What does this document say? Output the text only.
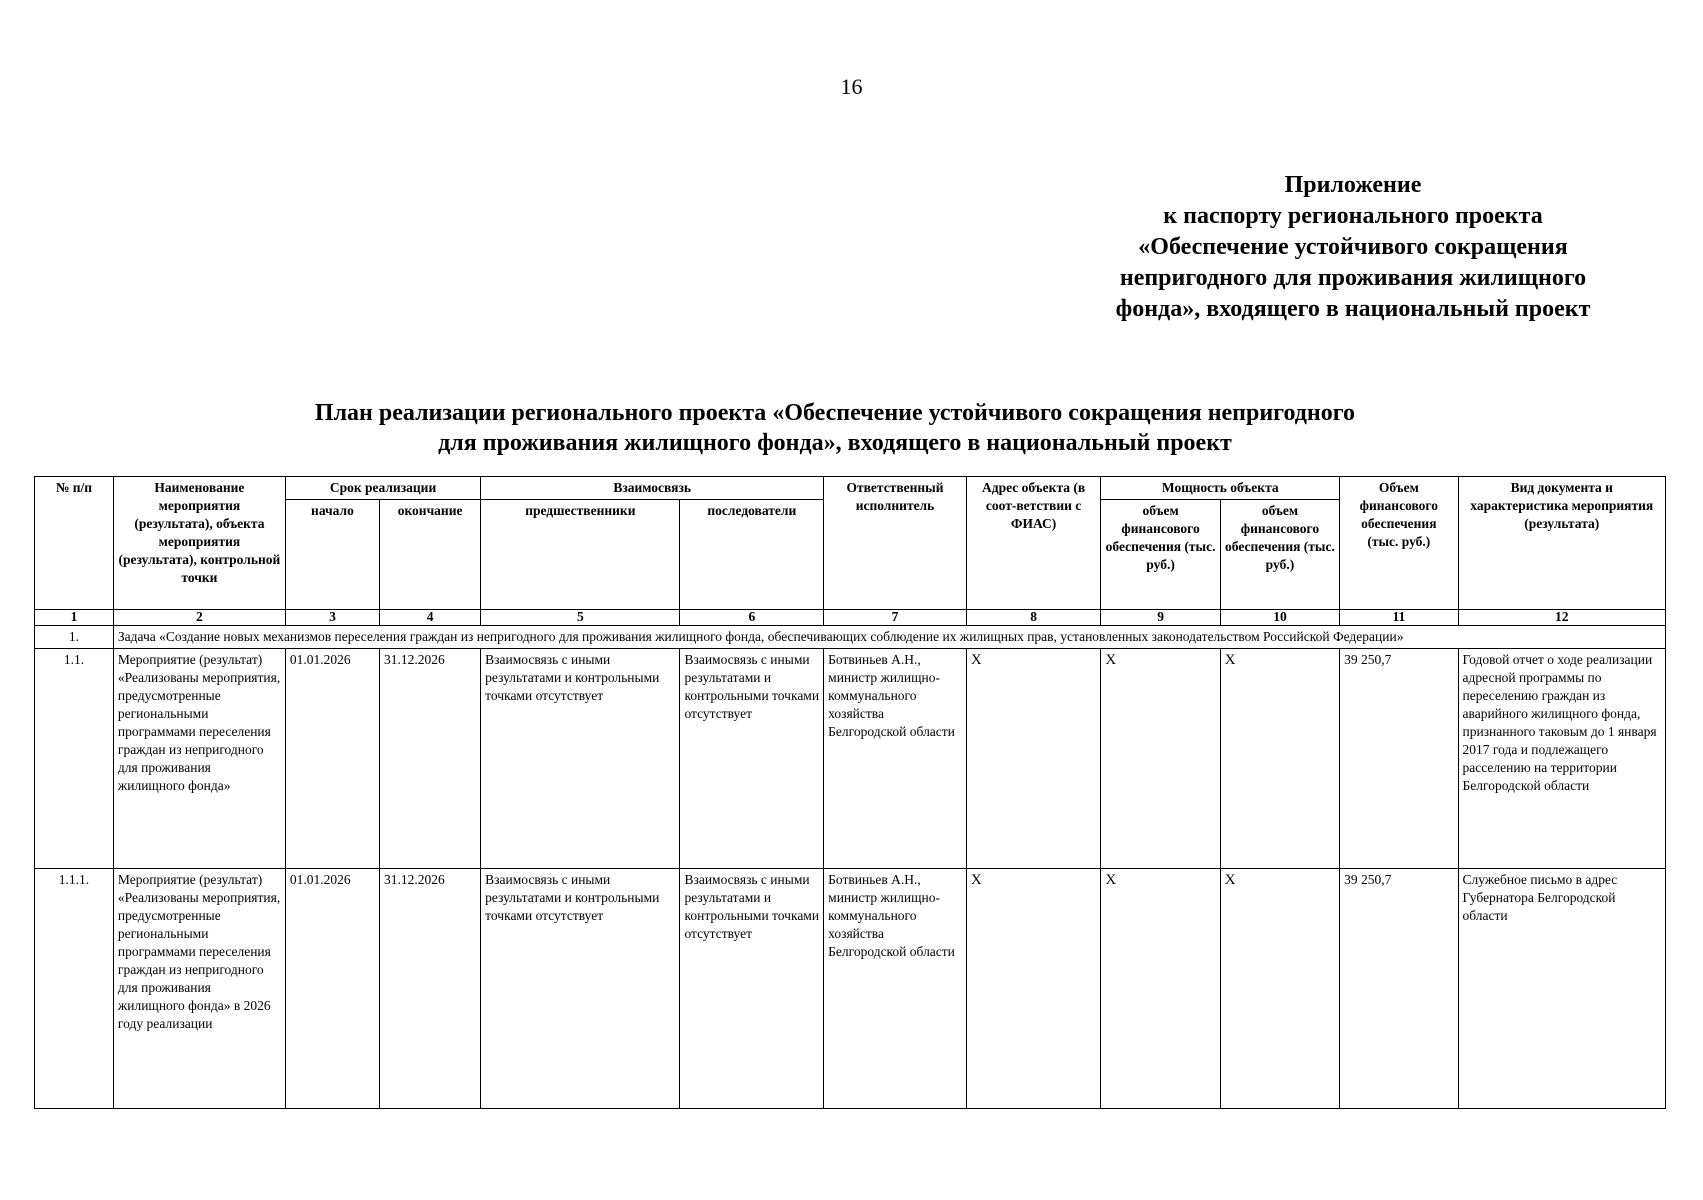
16
Приложение
к паспорту регионального проекта
«Обеспечение устойчивого сокращения
непригодного для проживания жилищного
фонда», входящего в национальный проект
План реализации регионального проекта «Обеспечение устойчивого сокращения непригодного
для проживания жилищного фонда», входящего в национальный проект
№ п/п	Наименование мероприятия (результата), объекта мероприятия (результата), контрольной точки	Срок реализации		Взаимосвязь		Ответственный исполнитель	Адрес объекта (в соот-ветствии с ФИАС)	Мощность объекта		Объем финансового обеспечения (тыс. руб.)	Вид документа и характеристика мероприятия (результата)
		начало	окончание	предшественники	последователи			объем финансового обеспечения (тыс. руб.)	объем финансового обеспечения (тыс. руб.)		
1	2	3	4	5	6	7	8	9	10	11	12
1.	Задача «Создание новых механизмов переселения граждан из непригодного для проживания жилищного фонда, обеспечивающих соблюдение их жилищных прав, установленных законодательством Российской Федерации»										
1.1.	Мероприятие (результат) «Реализованы мероприятия, предусмотренные региональными программами переселения граждан из непригодного для проживания жилищного фонда»	01.01.2026	31.12.2026	Взаимосвязь с иными результатами и контрольными точками отсутствует	Взаимосвязь с иными результатами и контрольными точками отсутствует	Ботвиньев А.Н., министр жилищно-коммунального хозяйства Белгородской области	X	X	X	39 250,7	Годовой отчет о ходе реализации адресной программы по переселению граждан из аварийного жилищного фонда, признанного таковым до 1 января 2017 года и подлежащего расселению на территории Белгородской области
1.1.1.	Мероприятие (результат) «Реализованы мероприятия, предусмотренные региональными программами переселения граждан из непригодного для проживания жилищного фонда» в 2026 году реализации	01.01.2026	31.12.2026	Взаимосвязь с иными результатами и контрольными точками отсутствует	Взаимосвязь с иными результатами и контрольными точками отсутствует	Ботвиньев А.Н., министр жилищно-коммунального хозяйства Белгородской области	X	X	X	39 250,7	Служебное письмо в адрес Губернатора Белгородской области
